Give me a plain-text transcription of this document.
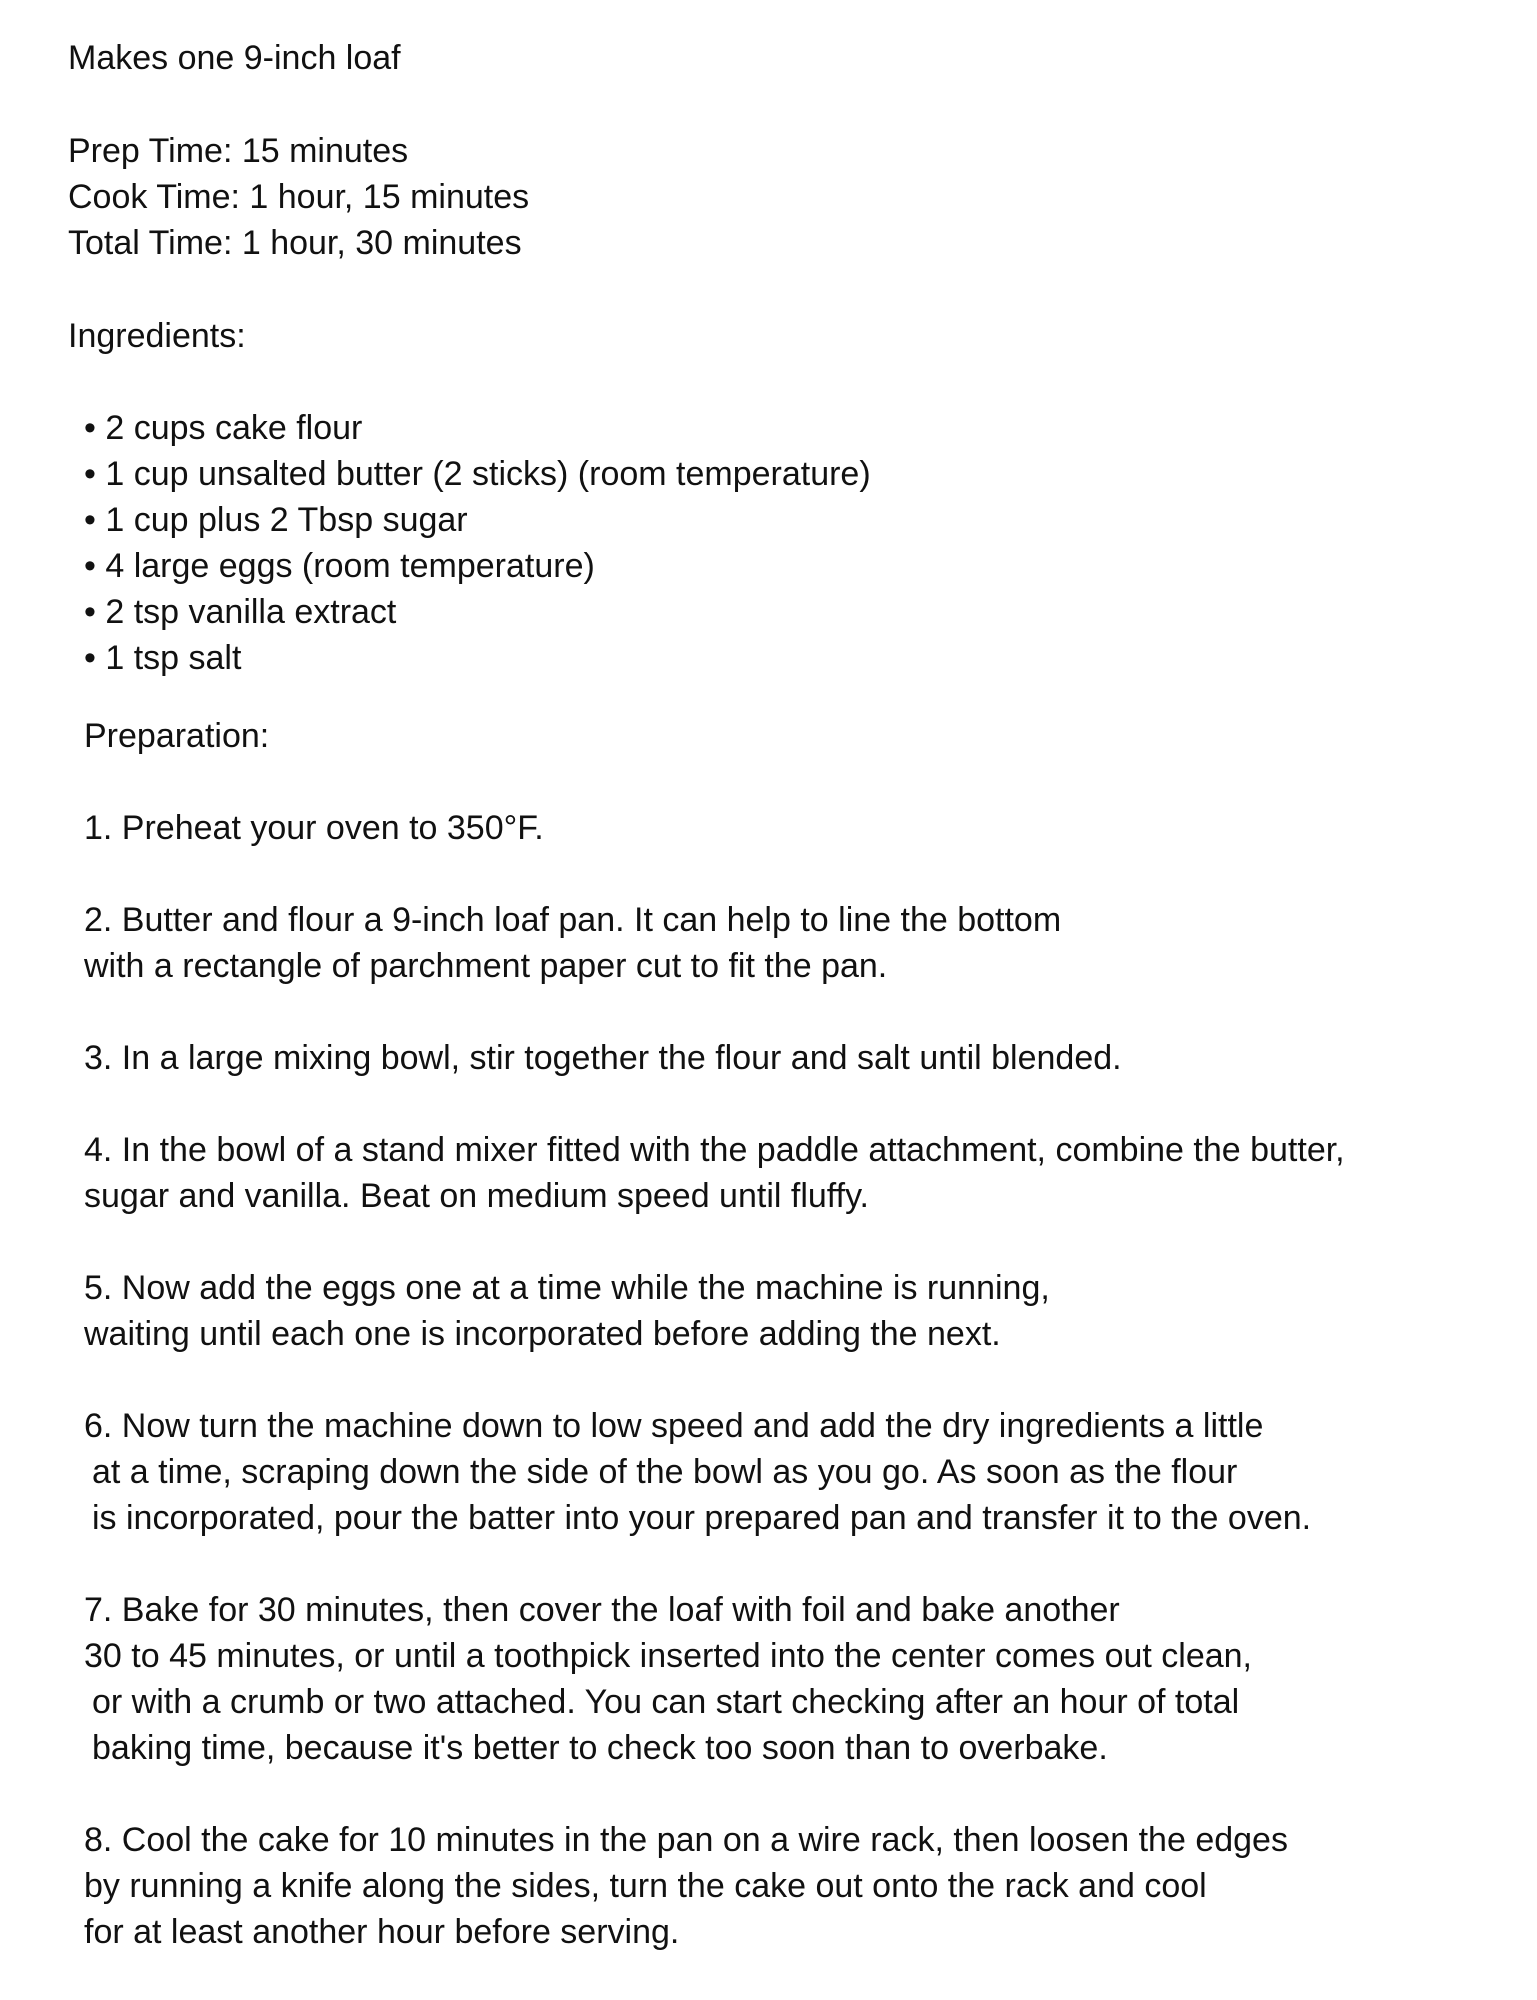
Makes one 9-inch loaf
Prep Time: 15 minutes
Cook Time: 1 hour, 15 minutes
Total Time: 1 hour, 30 minutes
Ingredients:
• 2 cups cake flour
• 1 cup unsalted butter (2 sticks) (room temperature)
• 1 cup plus 2 Tbsp sugar
• 4 large eggs (room temperature)
• 2 tsp vanilla extract
• 1 tsp salt
Preparation:
1. Preheat your oven to 350°F.
2. Butter and flour a 9-inch loaf pan. It can help to line the bottom
with a rectangle of parchment paper cut to fit the pan.
3. In a large mixing bowl, stir together the flour and salt until blended.
4. In the bowl of a stand mixer fitted with the paddle attachment, combine the butter,
sugar and vanilla. Beat on medium speed until fluffy.
5. Now add the eggs one at a time while the machine is running,
waiting until each one is incorporated before adding the next.
6. Now turn the machine down to low speed and add the dry ingredients a little
at a time, scraping down the side of the bowl as you go. As soon as the flour
is incorporated, pour the batter into your prepared pan and transfer it to the oven.
7. Bake for 30 minutes, then cover the loaf with foil and bake another
30 to 45 minutes, or until a toothpick inserted into the center comes out clean,
or with a crumb or two attached. You can start checking after an hour of total
baking time, because it's better to check too soon than to overbake.
8. Cool the cake for 10 minutes in the pan on a wire rack, then loosen the edges
by running a knife along the sides, turn the cake out onto the rack and cool
for at least another hour before serving.
